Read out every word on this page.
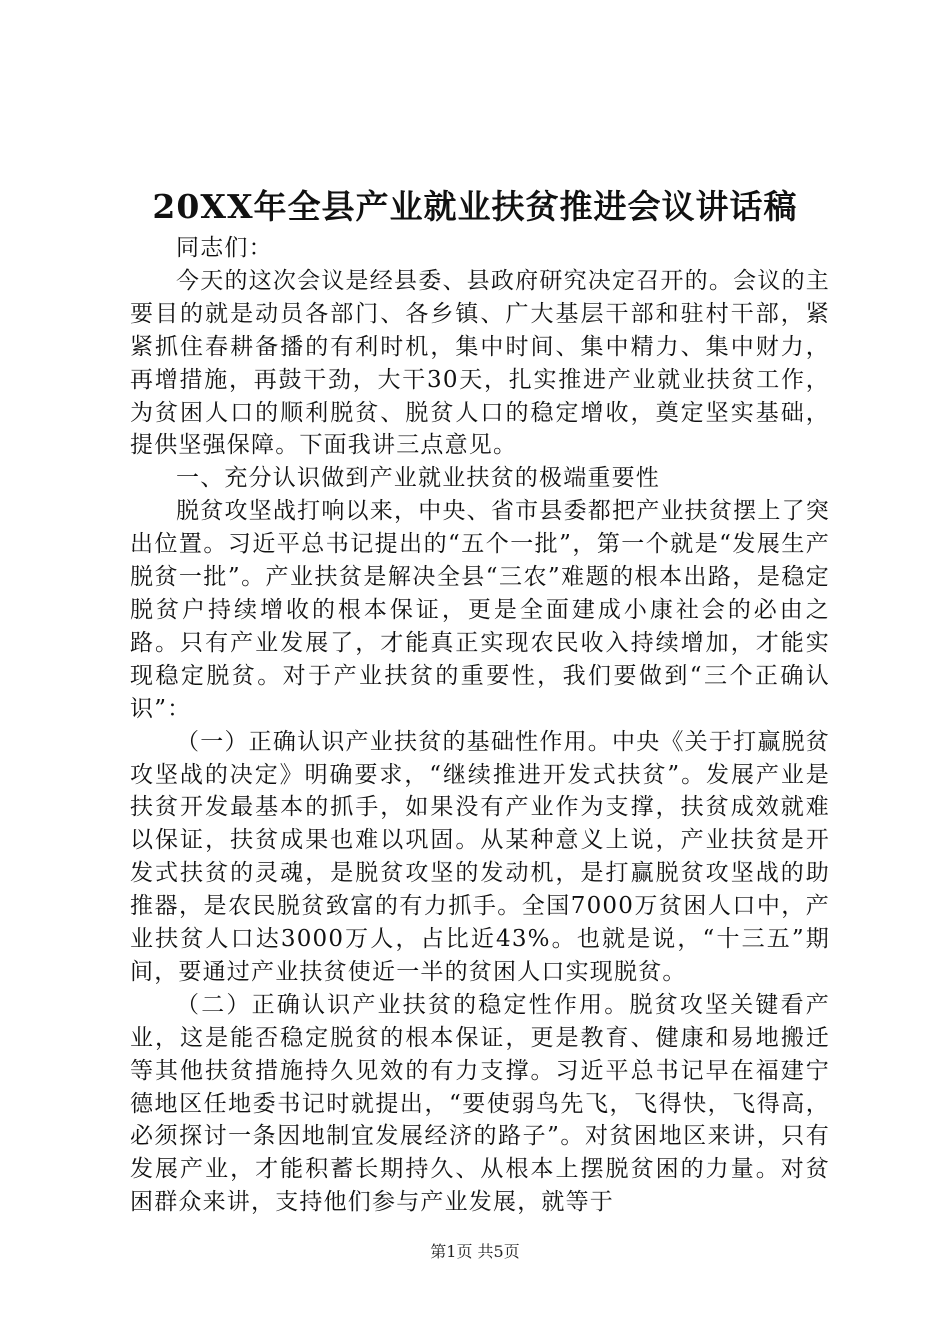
20XX年全县产业就业扶贫推进会议讲话稿

同志们：

今天的这次会议是经县委、县政府研究决定召开的。会议的主要目的就是动员各部门、各乡镇、广大基层干部和驻村干部，紧紧抓住春耕备播的有利时机，集中时间、集中精力、集中财力，再增措施，再鼓干劲，大干30天，扎实推进产业就业扶贫工作，为贫困人口的顺利脱贫、脱贫人口的稳定增收，奠定坚实基础，提供坚强保障。下面我讲三点意见。

一、充分认识做到产业就业扶贫的极端重要性

脱贫攻坚战打响以来，中央、省市县委都把产业扶贫摆上了突出位置。习近平总书记提出的“五个一批”，第一个就是“发展生产脱贫一批”。产业扶贫是解决全县“三农”难题的根本出路，是稳定脱贫户持续增收的根本保证，更是全面建成小康社会的必由之路。只有产业发展了，才能真正实现农民收入持续增加，才能实现稳定脱贫。对于产业扶贫的重要性，我们要做到“三个正确认识”：

（一）正确认识产业扶贫的基础性作用。中央《关于打赢脱贫攻坚战的决定》明确要求，“继续推进开发式扶贫”。发展产业是扶贫开发最基本的抓手，如果没有产业作为支撑，扶贫成效就难以保证，扶贫成果也难以巩固。从某种意义上说，产业扶贫是开发式扶贫的灵魂，是脱贫攻坚的发动机，是打赢脱贫攻坚战的助推器，是农民脱贫致富的有力抓手。全国7000万贫困人口中，产业扶贫人口达3000万人，占比近43%。也就是说，“十三五”期间，要通过产业扶贫使近一半的贫困人口实现脱贫。

（二）正确认识产业扶贫的稳定性作用。脱贫攻坚关键看产业，这是能否稳定脱贫的根本保证，更是教育、健康和易地搬迁等其他扶贫措施持久见效的有力支撑。习近平总书记早在福建宁德地区任地委书记时就提出，“要使弱鸟先飞，飞得快，飞得高，必须探讨一条因地制宜发展经济的路子”。对贫困地区来讲，只有发展产业，才能积蓄长期持久、从根本上摆脱贫困的力量。对贫困群众来讲，支持他们参与产业发展，就等于

第1页 共5页
